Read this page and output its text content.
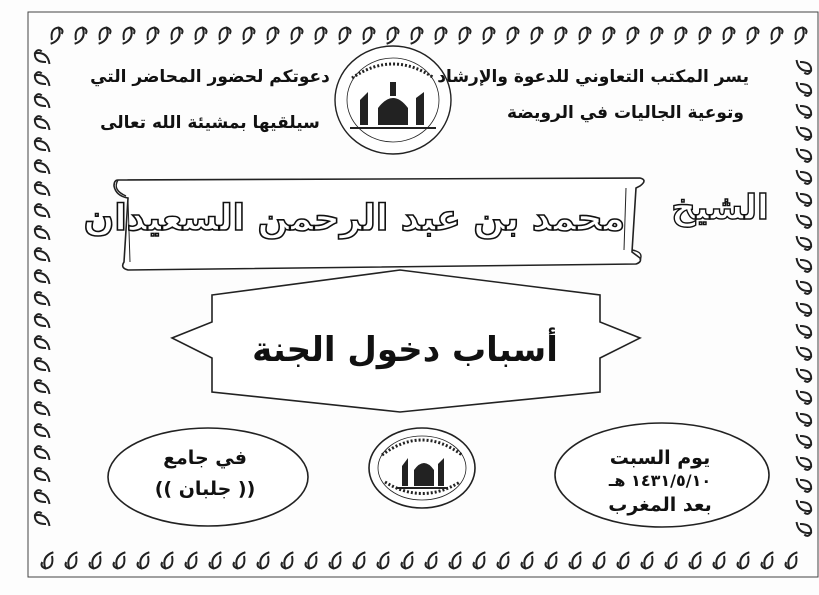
يسر المكتب التعاوني للدعوة والإرشاد
وتوعية الجاليات في الرويضة
دعوتكم لحضور المحاضر التي
سيلقيها بمشيئة الله تعالى
الشيخ
محمد بن عبد الرحمن السعيدان
أسباب دخول الجنة
يوم السبت
١٤٣١/٥/١٠ هـ
بعد المغرب
في جامع
(( جلبان ))
